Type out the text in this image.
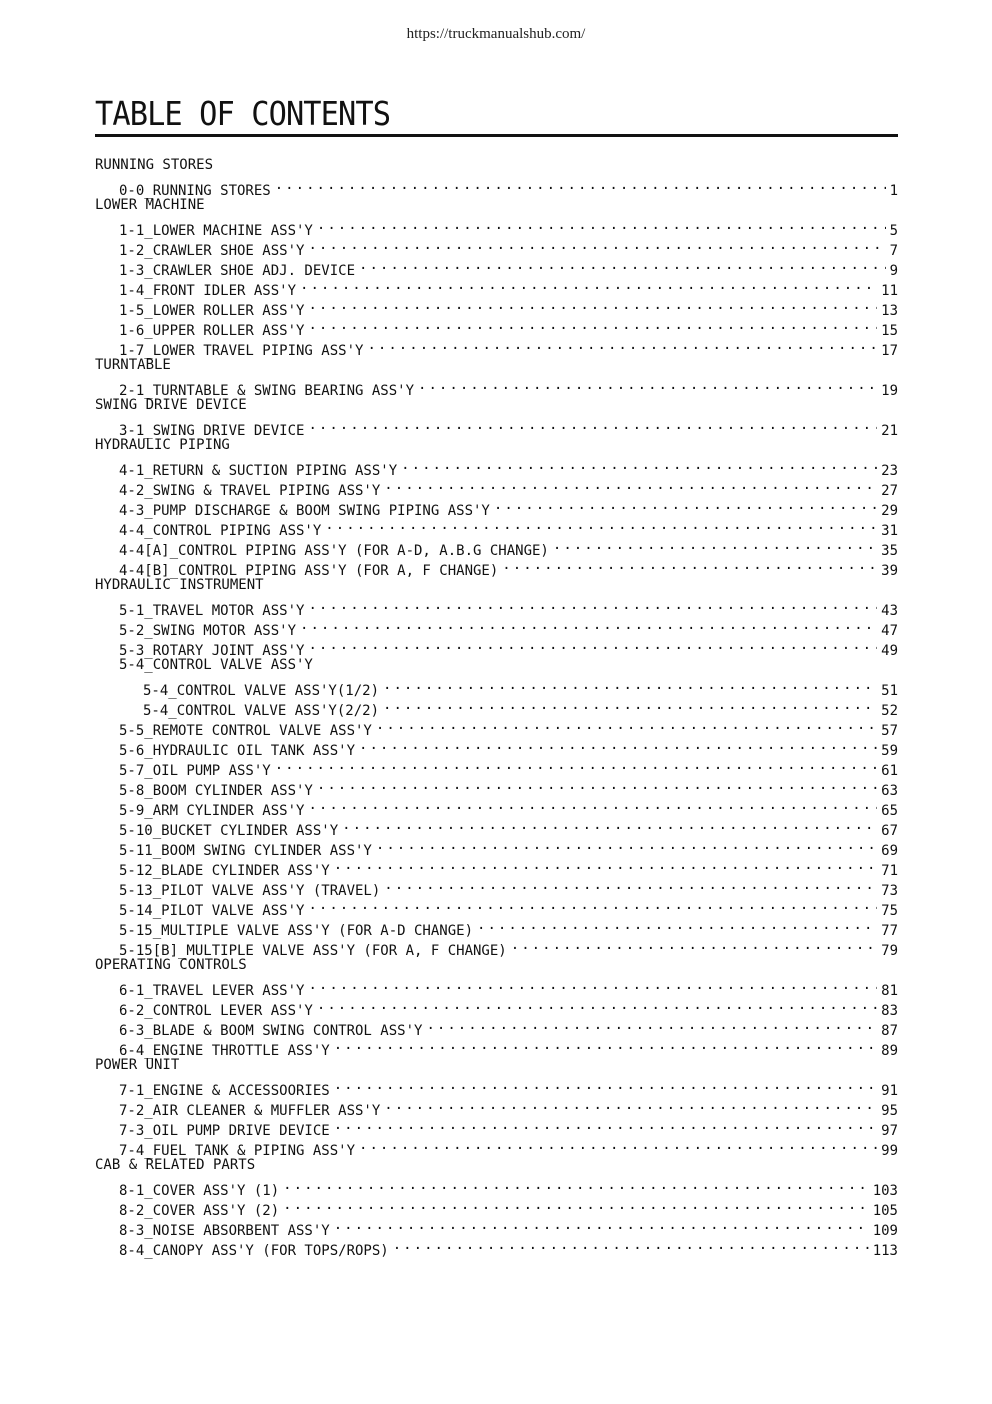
https://truckmanualshub.com/
TABLE OF CONTENTS
RUNNING STORES
0-0_RUNNING STORES . . .	1
LOWER MACHINE
1-1_LOWER MACHINE ASS'Y . . .	5
1-2_CRAWLER SHOE ASS'Y . . .	7
1-3_CRAWLER SHOE ADJ. DEVICE . . .	9
1-4_FRONT IDLER ASS'Y . . .	11
1-5_LOWER ROLLER ASS'Y . . .	13
1-6_UPPER ROLLER ASS'Y . . .	15
1-7_LOWER TRAVEL PIPING ASS'Y . . .	17
TURNTABLE
2-1_TURNTABLE & SWING BEARING ASS'Y . . .	19
SWING DRIVE DEVICE
3-1_SWING DRIVE DEVICE . . .	21
HYDRAULIC PIPING
4-1_RETURN & SUCTION PIPING ASS'Y . . .	23
4-2_SWING & TRAVEL PIPING ASS'Y . . .	27
4-3_PUMP DISCHARGE & BOOM SWING PIPING ASS'Y . . .	29
4-4_CONTROL PIPING ASS'Y . . .	31
4-4[A]_CONTROL PIPING ASS'Y (FOR A-D, A.B.G CHANGE) . . .	35
4-4[B]_CONTROL PIPING ASS'Y (FOR A, F CHANGE) . . .	39
HYDRAULIC INSTRUMENT
5-1_TRAVEL MOTOR ASS'Y . . .	43
5-2_SWING MOTOR ASS'Y . . .	47
5-3_ROTARY JOINT ASS'Y . . .	49
5-4_CONTROL VALVE ASS'Y
5-4_CONTROL VALVE ASS'Y(1/2) . . .	51
5-4_CONTROL VALVE ASS'Y(2/2) . . .	52
5-5_REMOTE CONTROL VALVE ASS'Y . . .	57
5-6_HYDRAULIC OIL TANK ASS'Y . . .	59
5-7_OIL PUMP ASS'Y . . .	61
5-8_BOOM CYLINDER ASS'Y . . .	63
5-9_ARM CYLINDER ASS'Y . . .	65
5-10_BUCKET CYLINDER ASS'Y . . .	67
5-11_BOOM SWING CYLINDER ASS'Y . . .	69
5-12_BLADE CYLINDER ASS'Y . . .	71
5-13_PILOT VALVE ASS'Y (TRAVEL) . . .	73
5-14_PILOT VALVE ASS'Y . . .	75
5-15_MULTIPLE VALVE ASS'Y (FOR A-D CHANGE) . . .	77
5-15[B]_MULTIPLE VALVE ASS'Y (FOR A, F CHANGE) . . .	79
OPERATING CONTROLS
6-1_TRAVEL LEVER ASS'Y . . .	81
6-2_CONTROL LEVER ASS'Y . . .	83
6-3_BLADE & BOOM SWING CONTROL ASS'Y . . .	87
6-4_ENGINE THROTTLE ASS'Y . . .	89
POWER UNIT
7-1_ENGINE & ACCESSOORIES . . .	91
7-2_AIR CLEANER & MUFFLER ASS'Y . . .	95
7-3_OIL PUMP DRIVE DEVICE . . .	97
7-4_FUEL TANK & PIPING ASS'Y . . .	99
CAB & RELATED PARTS
8-1_COVER ASS'Y (1) . . .	103
8-2_COVER ASS'Y (2) . . .	105
8-3_NOISE ABSORBENT ASS'Y . . .	109
8-4_CANOPY ASS'Y (FOR TOPS/ROPS) . . .	113
